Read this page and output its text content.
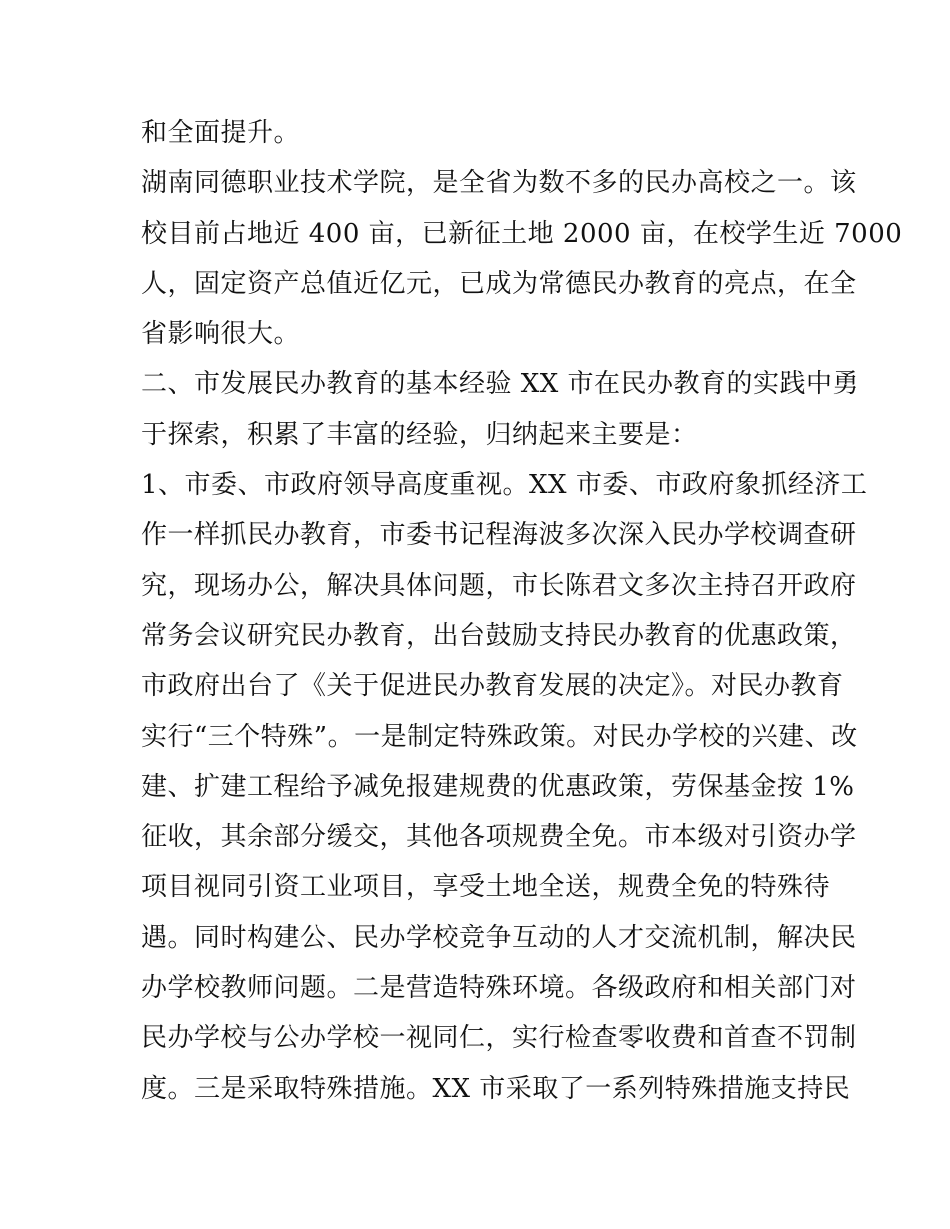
和全面提升。
湖南同德职业技术学院，是全省为数不多的民办高校之一。该
校目前占地近 400 亩，已新征土地 2000 亩，在校学生近 7000
人，固定资产总值近亿元，已成为常德民办教育的亮点，在全
省影响很大。
二、市发展民办教育的基本经验 XX 市在民办教育的实践中勇
于探索，积累了丰富的经验，归纳起来主要是：
1、市委、市政府领导高度重视。XX 市委、市政府象抓经济工
作一样抓民办教育，市委书记程海波多次深入民办学校调查研
究，现场办公，解决具体问题，市长陈君文多次主持召开政府
常务会议研究民办教育，出台鼓励支持民办教育的优惠政策，
市政府出台了《关于促进民办教育发展的决定》。对民办教育
实行“三个特殊”。一是制定特殊政策。对民办学校的兴建、改
建、扩建工程给予减免报建规费的优惠政策，劳保基金按 1%
征收，其余部分缓交，其他各项规费全免。市本级对引资办学
项目视同引资工业项目，享受土地全送，规费全免的特殊待
遇。同时构建公、民办学校竞争互动的人才交流机制，解决民
办学校教师问题。二是营造特殊环境。各级政府和相关部门对
民办学校与公办学校一视同仁，实行检查零收费和首查不罚制
度。三是采取特殊措施。XX 市采取了一系列特殊措施支持民
